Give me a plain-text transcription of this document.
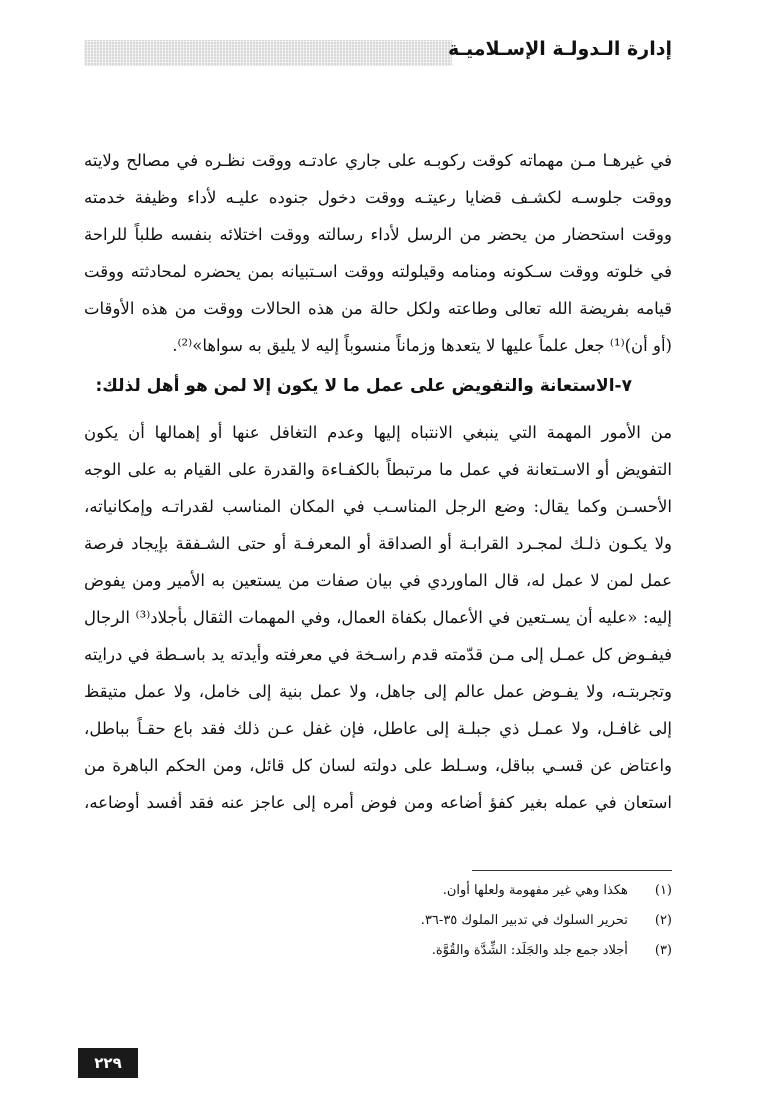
إدارة الـدولـة الإسـلاميـة
في غيرهـا مـن مهماته كوقت ركوبـه على جاري عادتـه ووقت نظـره في مصالح ولايته
ووقت جلوسـه لكشـف قضايا رعيتـه ووقت دخول جنوده عليـه لأداء وظيفة خدمته
ووقت استحضار من يحضر من الرسل لأداء رسالته ووقت اختلائه بنفسه طلباً للراحة
في خلوته ووقت سـكونه ومنامه وقيلولته ووقت اسـتبيانه بمن يحضره لمحادثته ووقت
قيامه بفريضة الله تعالى وطاعته ولكل حالة من هذه الحالات ووقت من هذه الأوقات
(أو أن)⁽¹⁾ جعل علماً عليها لا يتعدها وزماناً منسوباً إليه لا يليق به سواها»⁽²⁾.
٧-الاستعانة والتفويض على عمل ما لا يكون إلا لمن هو أهل لذلك:
من الأمور المهمة التي ينبغي الانتباه إليها وعدم التغافل عنها أو إهمالها أن يكون
التفويض أو الاسـتعانة في عمل ما مرتبطاً بالكفـاءة والقدرة على القيام به على الوجه
الأحسـن وكما يقال: وضع الرجل المناسـب في المكان المناسب لقدراتـه وإمكانياته،
ولا يكـون ذلـك لمجـرد القرابـة أو الصداقة أو المعرفـة أو حتى الشـفقة بإيجاد فرصة
عمل لمن لا عمل له، قال الماوردي في بيان صفات من يستعين به الأمير ومن يفوض
إليه: «عليه أن يسـتعين في الأعمال بكفاة العمال، وفي المهمات الثقال بأجلاد⁽³⁾ الرجال
فيفـوض كل عمـل إلى مـن قدّمته قدم راسـخة في معرفته وأيدته يد باسـطة في درايته
وتجربتـه، ولا يفـوض عمل عالم إلى جاهل، ولا عمل بنية إلى خامل، ولا عمل متيقظ
إلى غافـل، ولا عمـل ذي جبلـة إلى عاطل، فإن غفل عـن ذلك فقد باع حقـاً بباطل،
واعتاض عن قسـي بباقل، وسـلط على دولته لسان كل قائل، ومن الحكم الباهرة من
استعان في عمله بغير كفؤ أضاعه ومن فوض أمره إلى عاجز عنه فقد أفسد أوضاعه،
(١) هكذا وهي غير مفهومة ولعلها أوان.
(٢) تحرير السلوك في تدبير الملوك ٣٥-٣٦.
(٣) أجلاد جمع جلد والجَلَد: الشِّدَّة والقُوَّة.
٢٢٩
